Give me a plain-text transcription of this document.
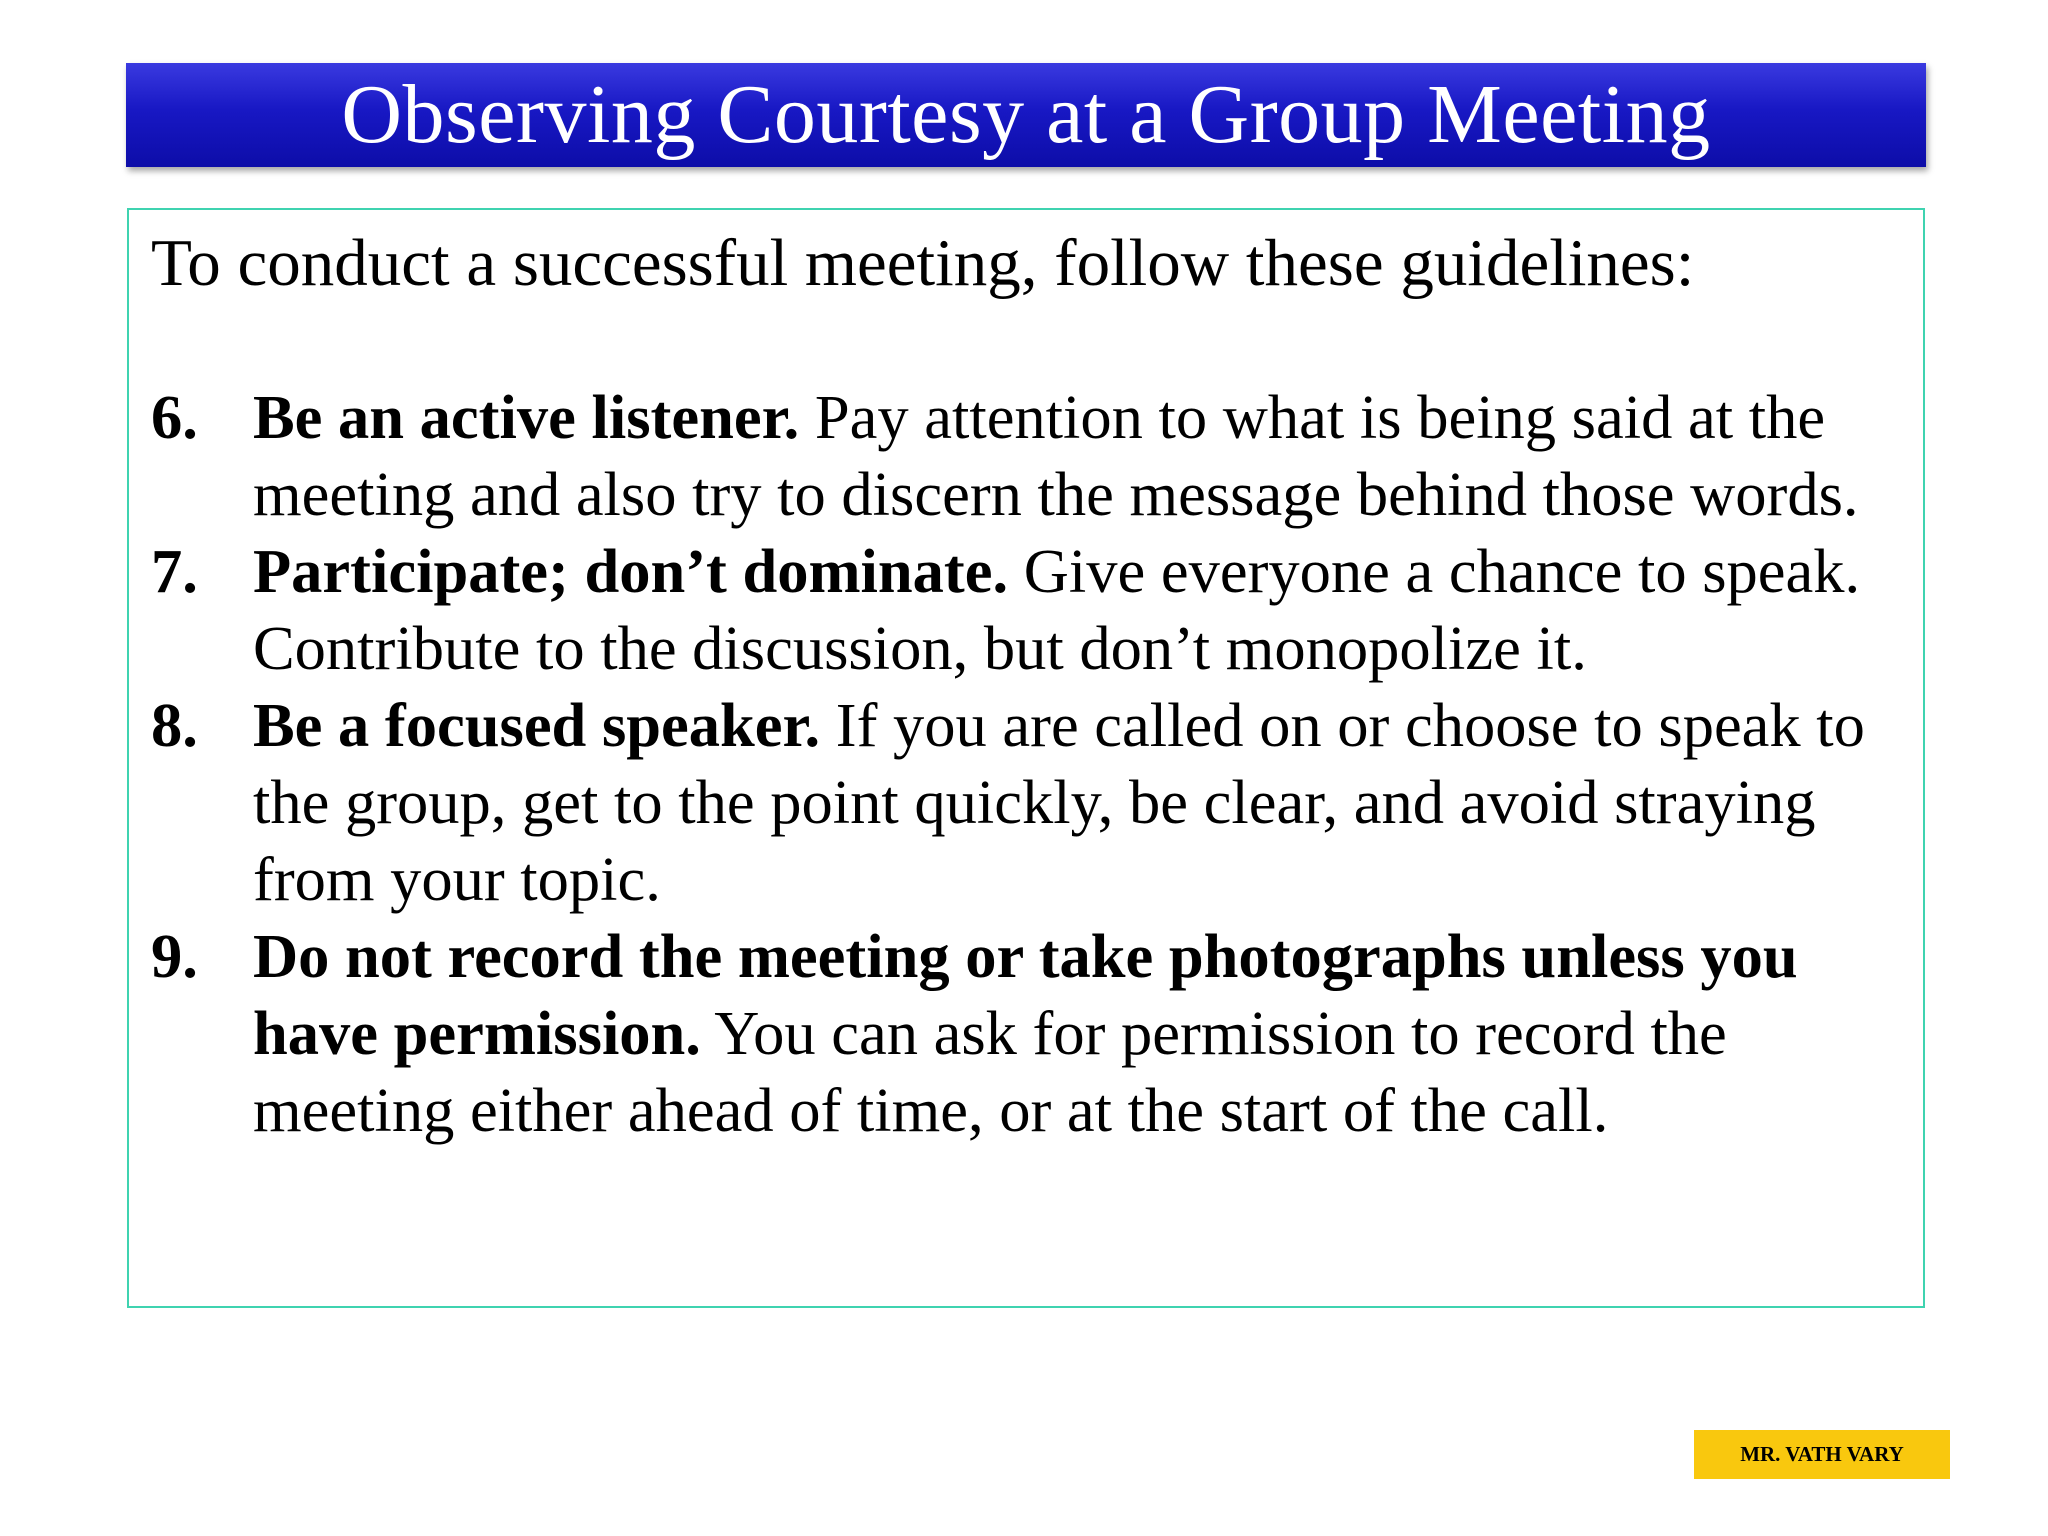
Observing Courtesy at a Group Meeting

To conduct a successful meeting, follow these guidelines:

6. Be an active listener. Pay attention to what is being said at the meeting and also try to discern the message behind those words.
7. Participate; don’t dominate. Give everyone a chance to speak. Contribute to the discussion, but don’t monopolize it.
8. Be a focused speaker. If you are called on or choose to speak to the group, get to the point quickly, be clear, and avoid straying from your topic.
9. Do not record the meeting or take photographs unless you have permission. You can ask for permission to record the meeting either ahead of time, or at the start of the call.
MR. VATH VARY
